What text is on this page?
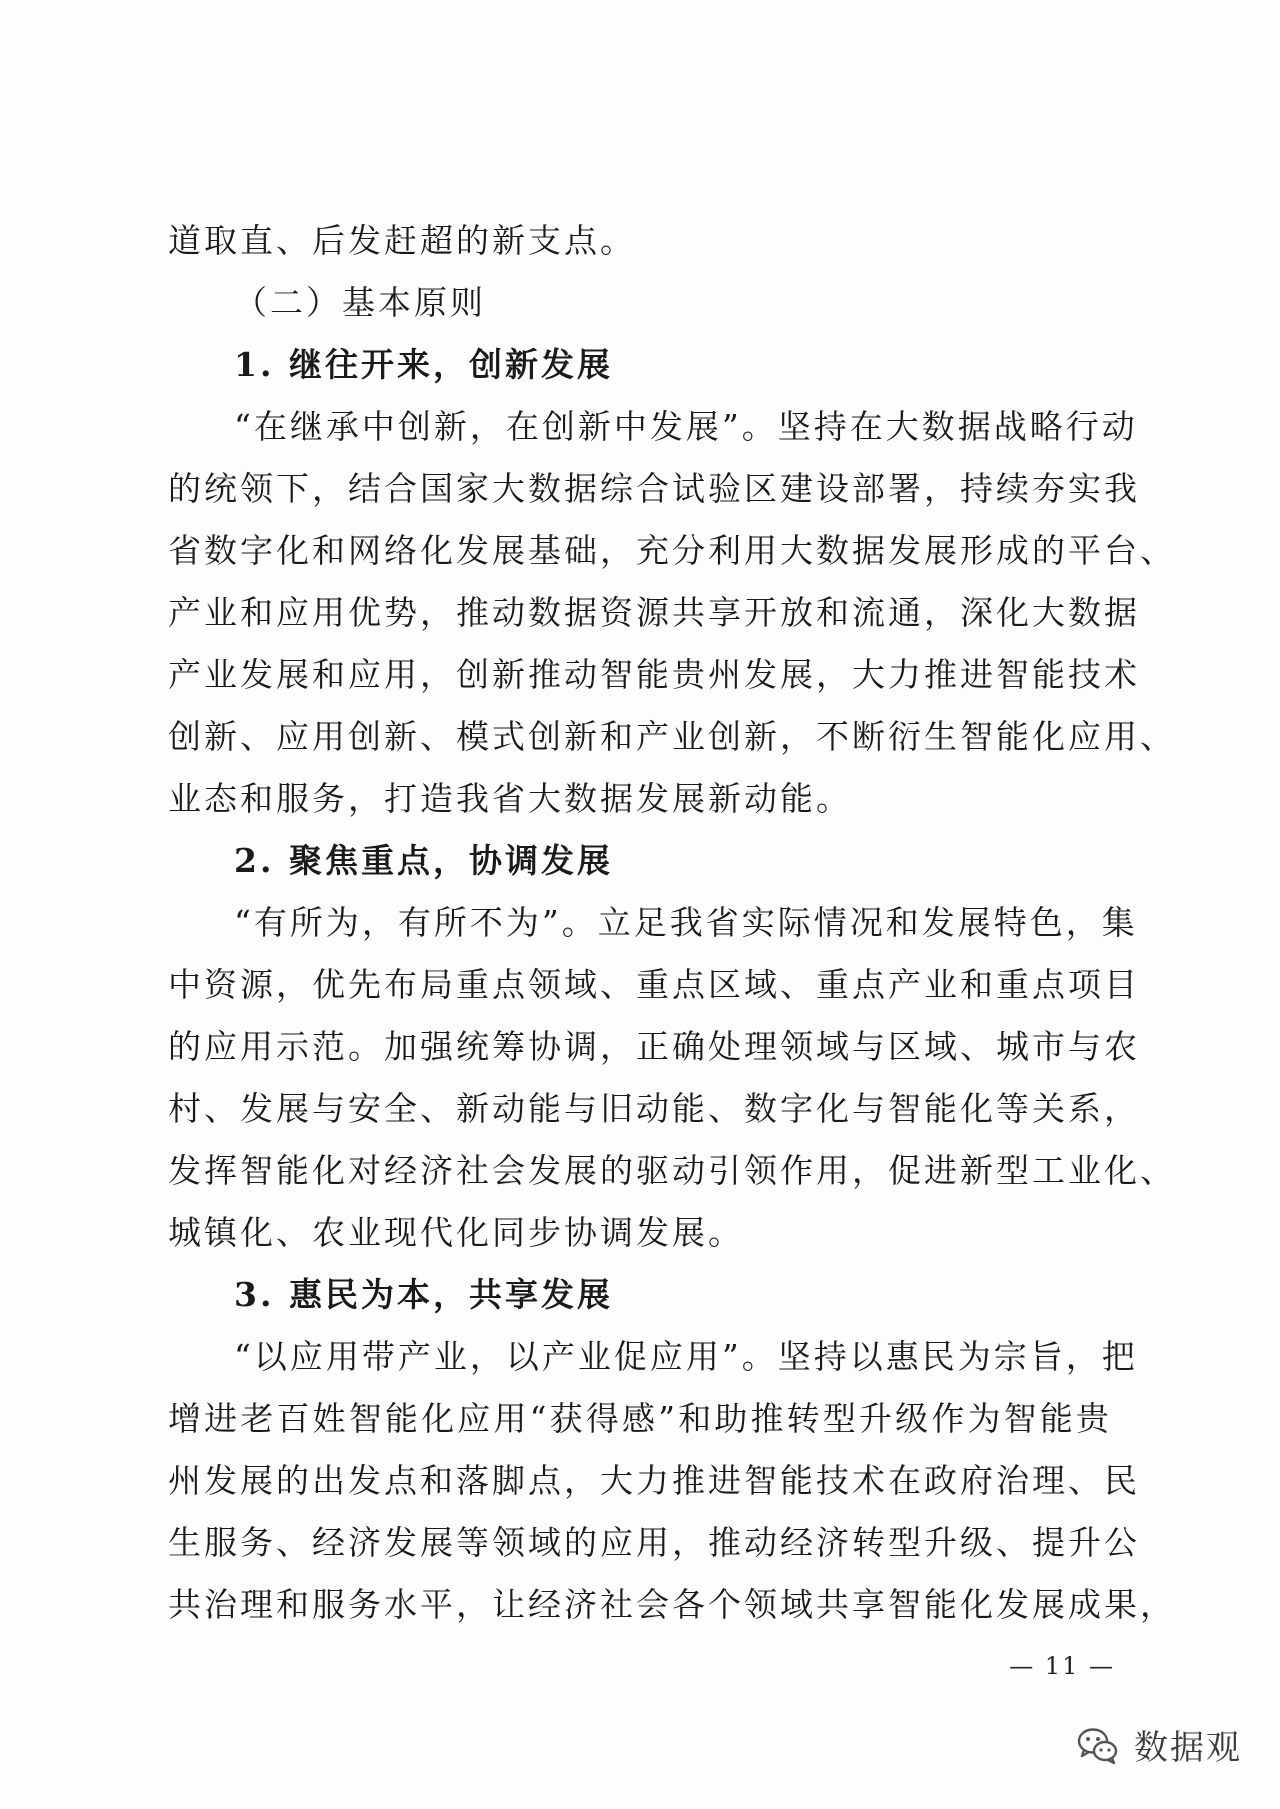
道取直、后发赶超的新支点。
（二）基本原则
1. 继往开来，创新发展
“在继承中创新，在创新中发展”。坚持在大数据战略行动
的统领下，结合国家大数据综合试验区建设部署，持续夯实我
省数字化和网络化发展基础，充分利用大数据发展形成的平台、
产业和应用优势，推动数据资源共享开放和流通，深化大数据
产业发展和应用，创新推动智能贵州发展，大力推进智能技术
创新、应用创新、模式创新和产业创新，不断衍生智能化应用、
业态和服务，打造我省大数据发展新动能。
2. 聚焦重点，协调发展
“有所为，有所不为”。立足我省实际情况和发展特色，集
中资源，优先布局重点领域、重点区域、重点产业和重点项目
的应用示范。加强统筹协调，正确处理领域与区域、城市与农
村、发展与安全、新动能与旧动能、数字化与智能化等关系，
发挥智能化对经济社会发展的驱动引领作用，促进新型工业化、
城镇化、农业现代化同步协调发展。
3. 惠民为本，共享发展
“以应用带产业，以产业促应用”。坚持以惠民为宗旨，把
增进老百姓智能化应用“获得感”和助推转型升级作为智能贵
州发展的出发点和落脚点，大力推进智能技术在政府治理、民
生服务、经济发展等领域的应用，推动经济转型升级、提升公
共治理和服务水平，让经济社会各个领域共享智能化发展成果，
— 11 —
数据观
